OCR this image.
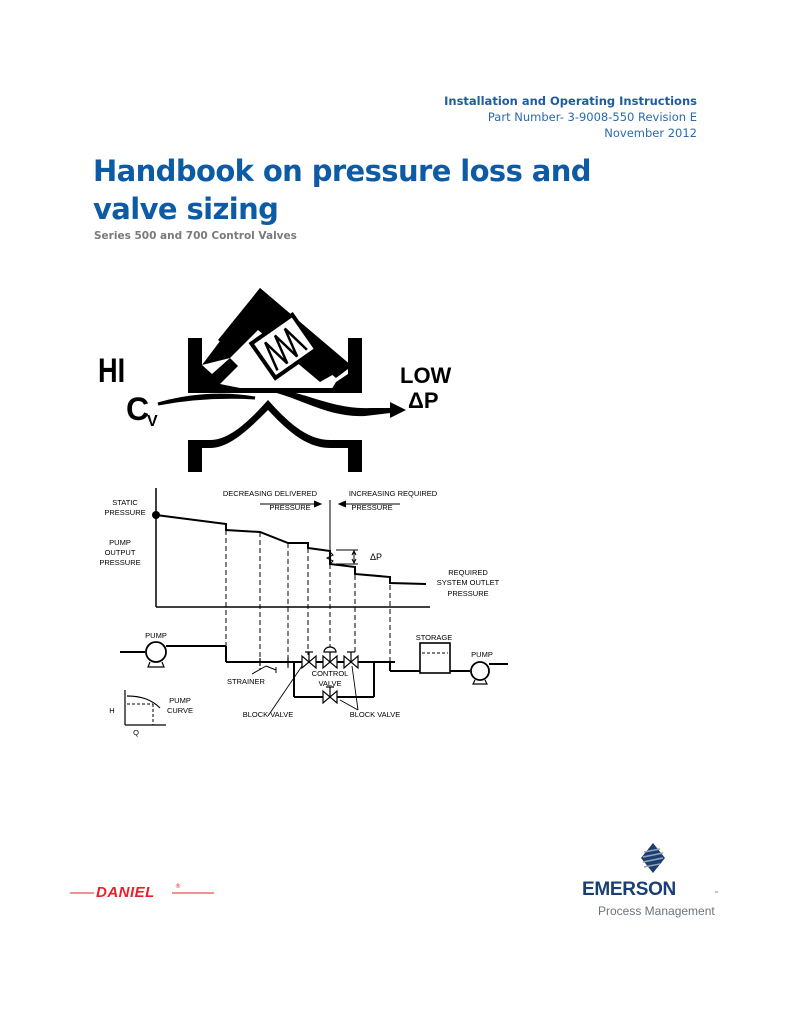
Installation and Operating Instructions
Part Number- 3-9008-550 Revision E
November 2012
Handbook on pressure loss and valve sizing
Series 500 and 700 Control Valves
HI
C
V
LOW
ΔP
STATIC
PRESSURE
PUMP
OUTPUT
PRESSURE
DECREASING DELIVERED
PRESSURE
INCREASING REQUIRED
PRESSURE
ΔP
REQUIRED
SYSTEM OUTLET
PRESSURE
PUMP
STRAINER
CONTROL
VALVE
BLOCK VALVE	BLOCK VALVE
STORAGE
PUMP
H
Q
PUMP
CURVE
DANIEL	®	EMERSON	™
Process Management
